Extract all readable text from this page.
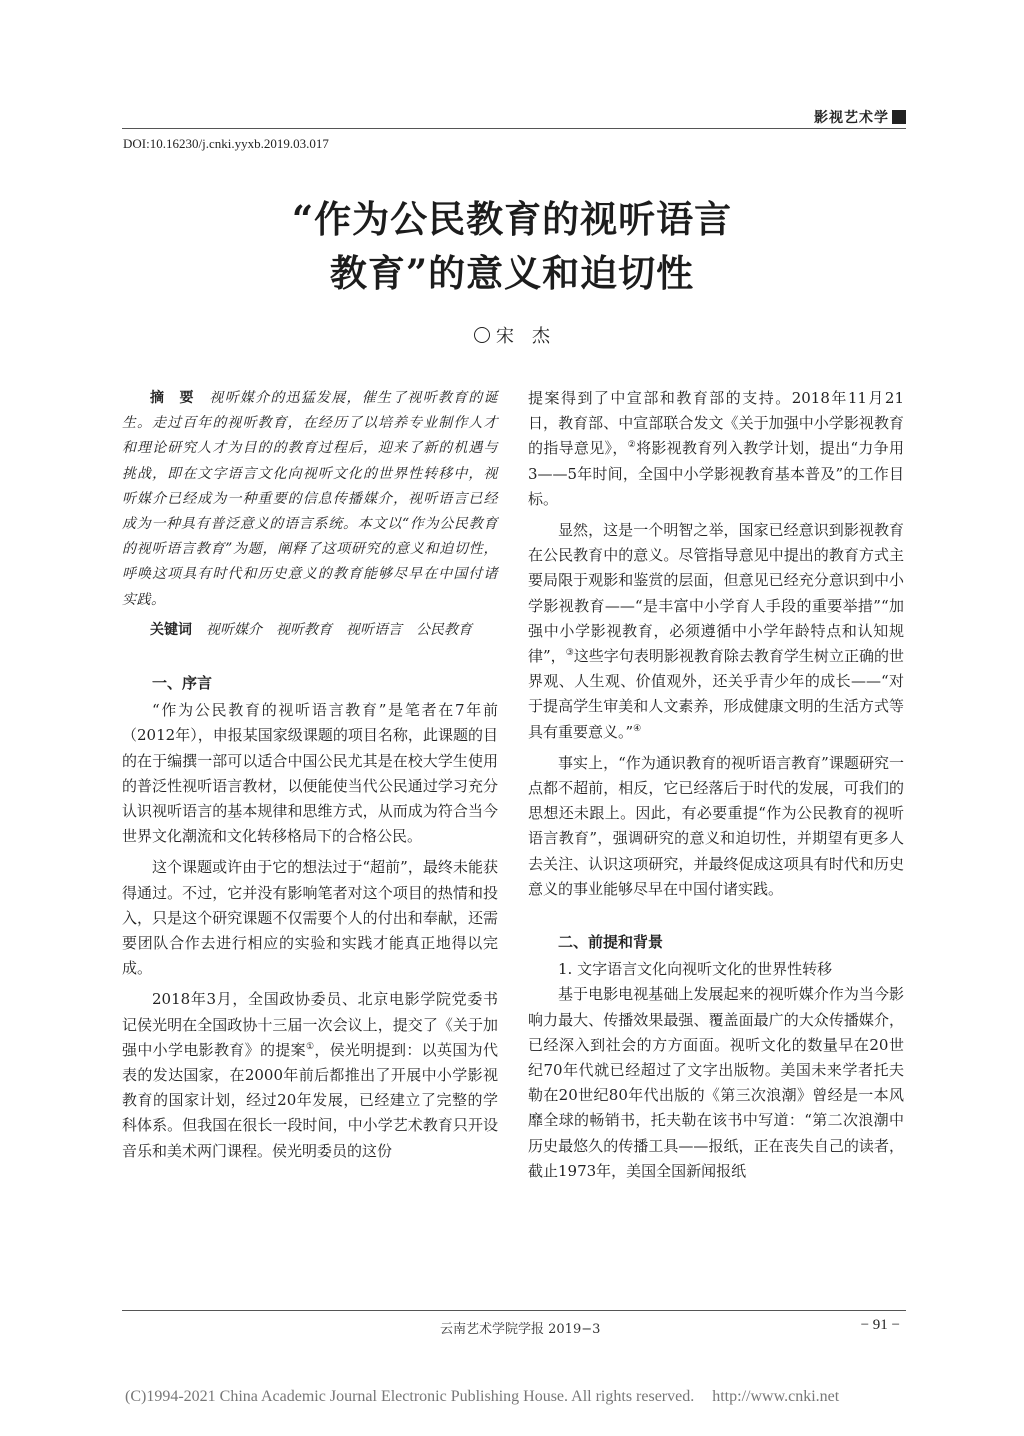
影视艺术学
DOI:10.16230/j.cnki.yyxb.2019.03.017
“作为公民教育的视听语言
教育”的意义和迫切性
宋 杰

摘　要　 视听媒介的迅猛发展，催生了视听教育的诞生。走过百年的视听教育，在经历了以培养专业制作人才和理论研究人才为目的的教育过程后，迎来了新的机遇与挑战，即在文字语言文化向视听文化的世界性转移中，视听媒介已经成为一种重要的信息传播媒介，视听语言已经成为一种具有普泛意义的语言系统。本文以“作为公民教育的视听语言教育”为题，阐释了这项研究的意义和迫切性，呼唤这项具有时代和历史意义的教育能够尽早在中国付诸实践。

关键词　 视听媒介　视听教育　视听语言　公民教育

一、序言

“作为公民教育的视听语言教育”是笔者在7年前（2012年），申报某国家级课题的项目名称，此课题的目的在于编撰一部可以适合中国公民尤其是在校大学生使用的普泛性视听语言教材，以便能使当代公民通过学习充分认识视听语言的基本规律和思维方式，从而成为符合当今世界文化潮流和文化转移格局下的合格公民。

这个课题或许由于它的想法过于“超前”，最终未能获得通过。不过，它并没有影响笔者对这个项目的热情和投入，只是这个研究课题不仅需要个人的付出和奉献，还需要团队合作去进行相应的实验和实践才能真正地得以完成。

2018年3月，全国政协委员、北京电影学院党委书记侯光明在全国政协十三届一次会议上，提交了《关于加强中小学电影教育》的提案①，侯光明提到：以英国为代表的发达国家，在2000年前后都推出了开展中小学影视教育的国家计划，经过20年发展，已经建立了完整的学科体系。但我国在很长一段时间，中小学艺术教育只开设音乐和美术两门课程。侯光明委员的这份

提案得到了中宣部和教育部的支持。2018年11月21日，教育部、中宣部联合发文《关于加强中小学影视教育的指导意见》，②将影视教育列入教学计划，提出“力争用3——5年时间，全国中小学影视教育基本普及”的工作目标。

显然，这是一个明智之举，国家已经意识到影视教育在公民教育中的意义。尽管指导意见中提出的教育方式主要局限于观影和鉴赏的层面，但意见已经充分意识到中小学影视教育——“是丰富中小学育人手段的重要举措”“加强中小学影视教育，必须遵循中小学年龄特点和认知规律”，③这些字句表明影视教育除去教育学生树立正确的世界观、人生观、价值观外，还关乎青少年的成长——“对于提高学生审美和人文素养，形成健康文明的生活方式等具有重要意义。”④

事实上，“作为通识教育的视听语言教育”课题研究一点都不超前，相反，它已经落后于时代的发展，可我们的思想还未跟上。因此，有必要重提“作为公民教育的视听语言教育”，强调研究的意义和迫切性，并期望有更多人去关注、认识这项研究，并最终促成这项具有时代和历史意义的事业能够尽早在中国付诸实践。

二、前提和背景

1. 文字语言文化向视听文化的世界性转移

基于电影电视基础上发展起来的视听媒介作为当今影响力最大、传播效果最强、覆盖面最广的大众传播媒介，已经深入到社会的方方面面。视听文化的数量早在20世纪70年代就已经超过了文字出版物。美国未来学者托夫勒在20世纪80年代出版的《第三次浪潮》曾经是一本风靡全球的畅销书，托夫勒在该书中写道：“第二次浪潮中历史最悠久的传播工具——报纸，正在丧失自己的读者，截止1973年，美国全国新闻报纸

云南艺术学院学报 2019−3	− 91 −
(C)1994-2021 China Academic Journal Electronic Publishing House. All rights reserved. http://www.cnki.net
